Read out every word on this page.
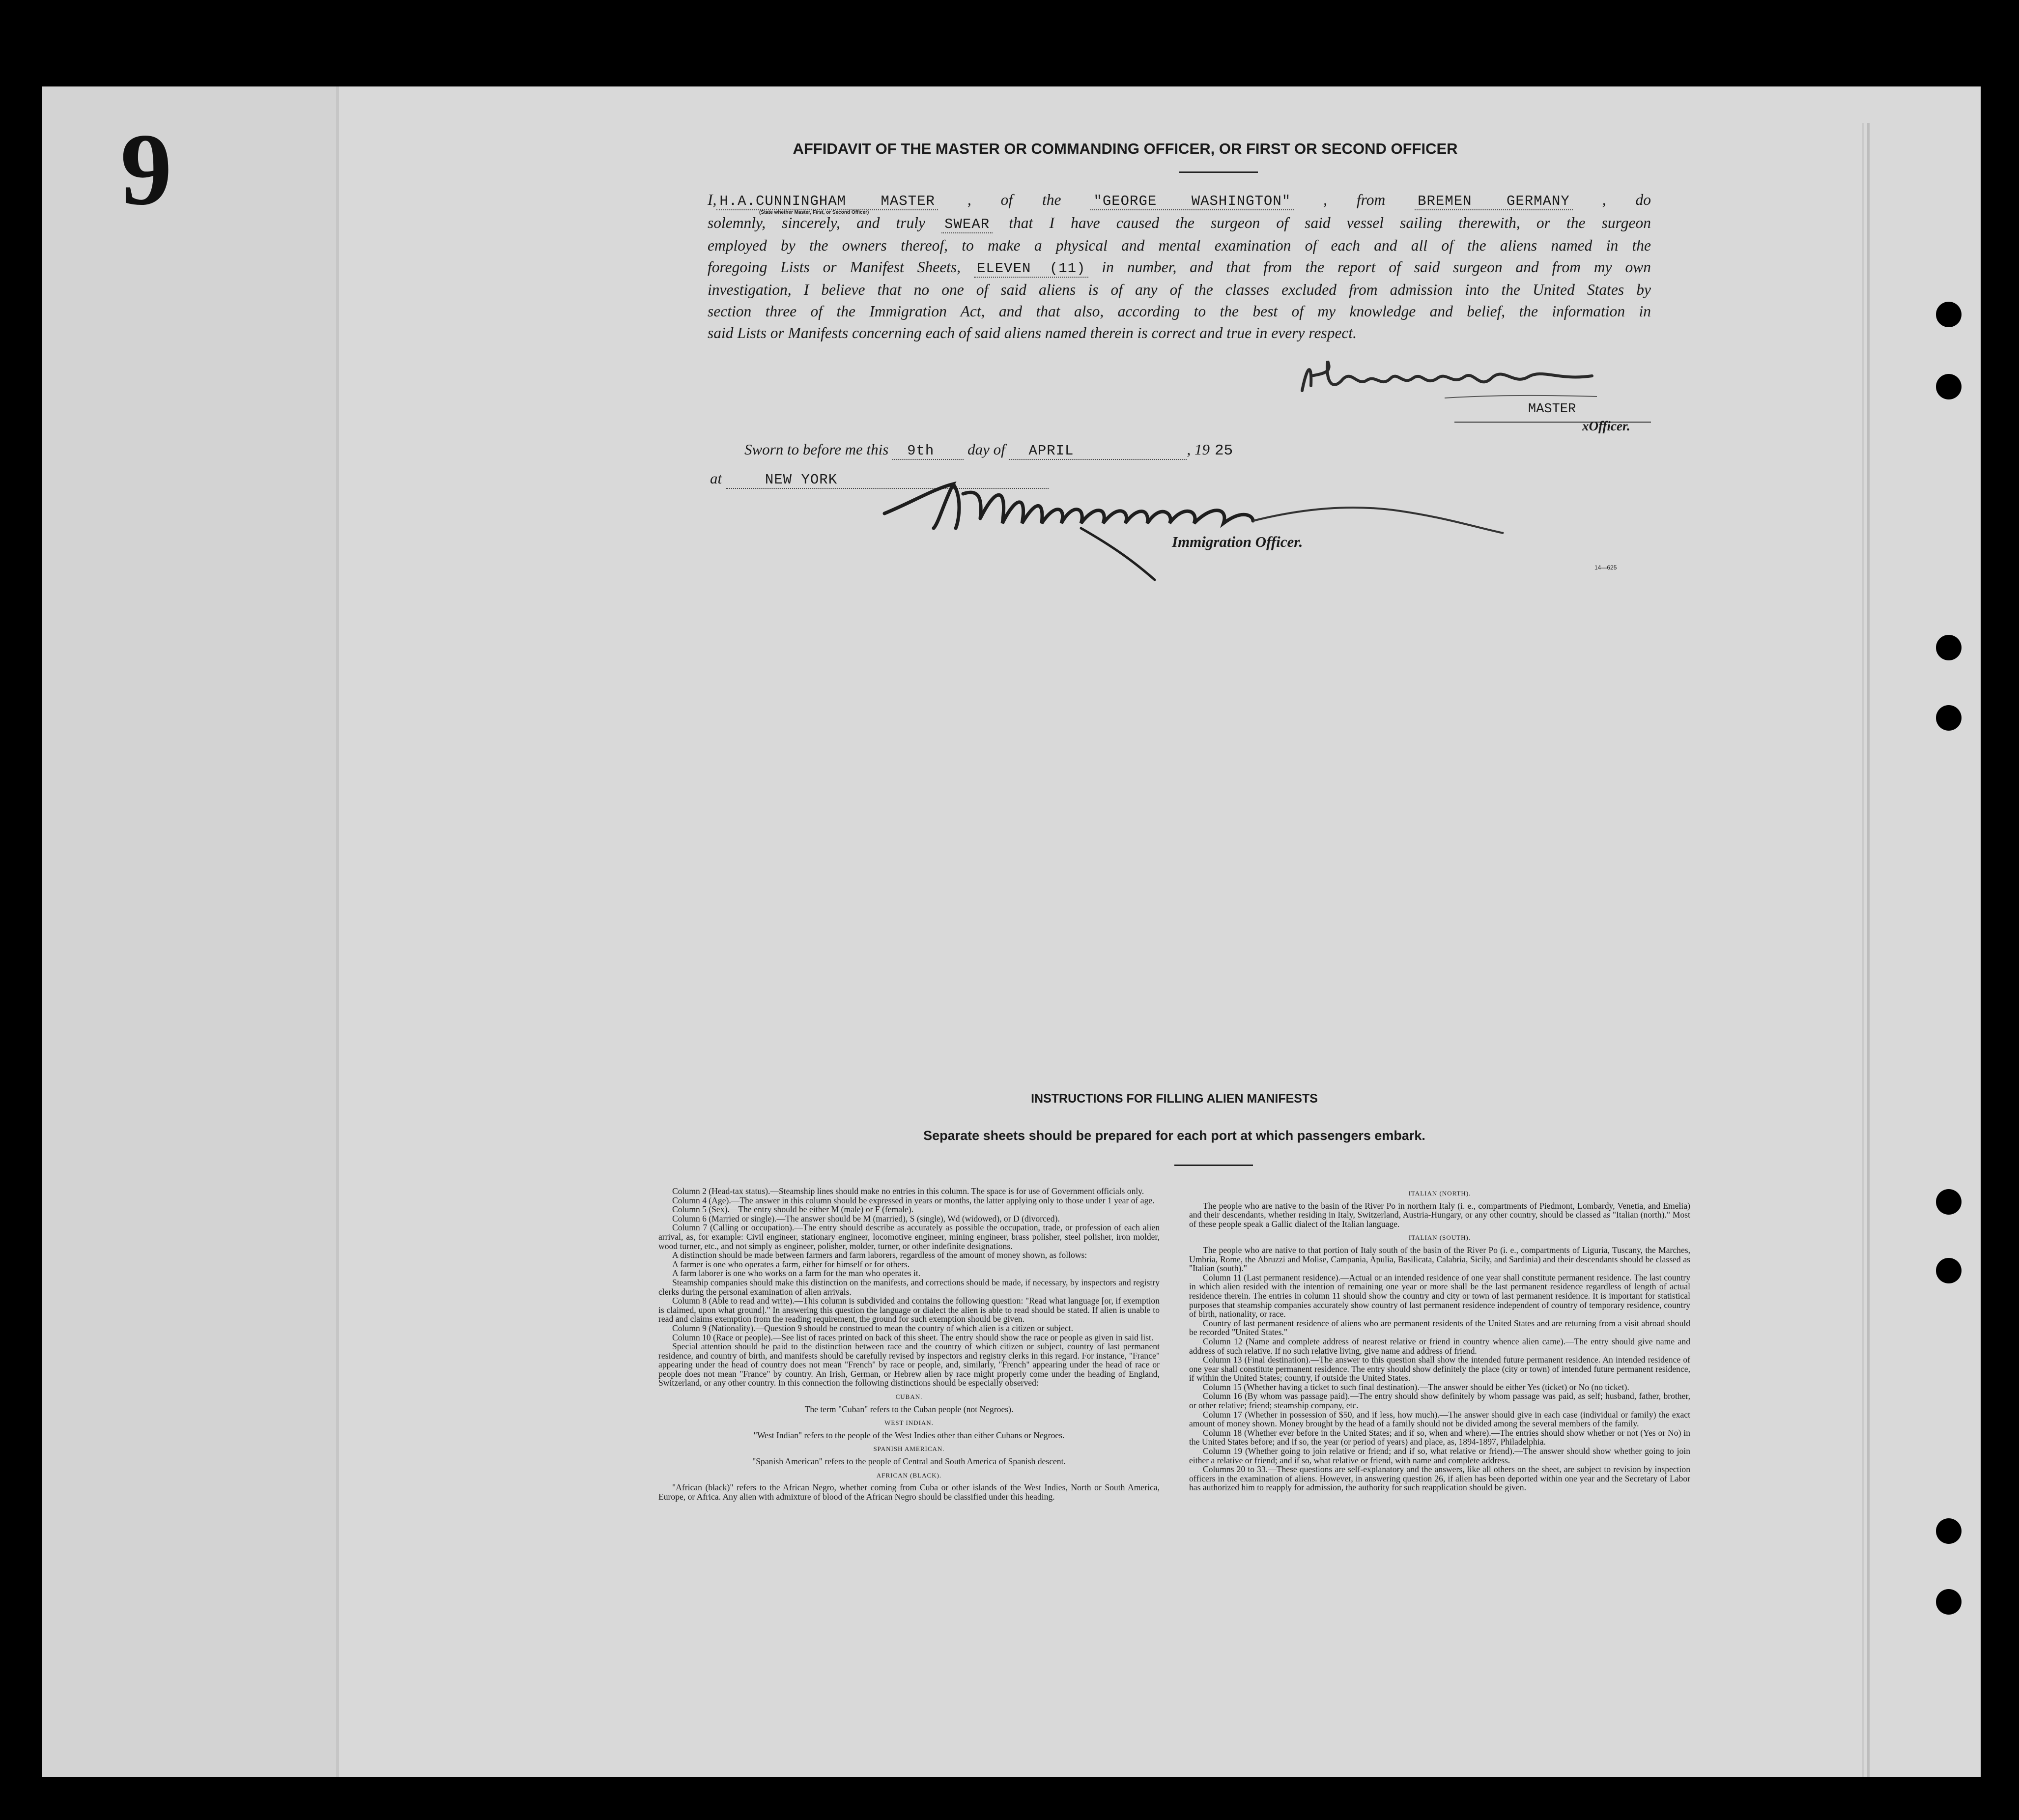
9	AFFIDAVIT OF THE MASTER OR COMMANDING OFFICER, OR FIRST OR SECOND OFFICER
I, H.A.CUNNINGHAM MASTER , of the "GEORGE WASHINGTON" , from BREMEN GERMANY , do
solemnly, sincerely, and truly SWEAR that I have caused the surgeon of said vessel sailing therewith, or the surgeon
employed by the owners thereof, to make a physical and mental examination of each and all of the aliens named in the
foregoing Lists or Manifest Sheets, ELEVEN (11) in number, and that from the report of said surgeon and from my own
investigation, I believe that no one of said aliens is of any of the classes excluded from admission into the United States by
section three of the Immigration Act, and that also, according to the best of my knowledge and belief, the information in
said Lists or Manifests concerning each of said aliens named therein is correct and true in every respect.
(State whether Master, First, or Second Officer)
MASTER
xOfficer.
Sworn to before me this 9th day of APRIL	, 19 25
at	NEW YORK
Immigration Officer.
14—625
INSTRUCTIONS FOR FILLING ALIEN MANIFESTS
Separate sheets should be prepared for each port at which passengers embark.

Column 2 (Head-tax status).—Steamship lines should make no entries in this column. The space is for use of Government officials only.

Column 4 (Age).—The answer in this column should be expressed in years or months, the latter applying only to those under 1 year of age.

Column 5 (Sex).—The entry should be either M (male) or F (female).

Column 6 (Married or single).—The answer should be M (married), S (single), Wd (widowed), or D (divorced).

Column 7 (Calling or occupation).—The entry should describe as accurately as possible the occupation, trade, or profession of each alien arrival, as, for example: Civil engineer, stationary engineer, locomotive engineer, mining engineer, brass polisher, steel polisher, iron molder, wood turner, etc., and not simply as engineer, polisher, molder, turner, or other indefinite designations.

A distinction should be made between farmers and farm laborers, regardless of the amount of money shown, as follows:

A farmer is one who operates a farm, either for himself or for others.

A farm laborer is one who works on a farm for the man who operates it.

Steamship companies should make this distinction on the manifests, and corrections should be made, if necessary, by inspectors and registry clerks during the personal examination of alien arrivals.

Column 8 (Able to read and write).—This column is subdivided and contains the following question: "Read what language [or, if exemption is claimed, upon what ground]." In answering this question the language or dialect the alien is able to read should be stated. If alien is unable to read and claims exemption from the reading requirement, the ground for such exemption should be given.

Column 9 (Nationality).—Question 9 should be construed to mean the country of which alien is a citizen or subject.

Column 10 (Race or people).—See list of races printed on back of this sheet. The entry should show the race or people as given in said list.

Special attention should be paid to the distinction between race and the country of which citizen or subject, country of last permanent residence, and country of birth, and manifests should be carefully revised by inspectors and registry clerks in this regard. For instance, "France" appearing under the head of country does not mean "French" by race or people, and, similarly, "French" appearing under the head of race or people does not mean "France" by country. An Irish, German, or Hebrew alien by race might properly come under the heading of England, Switzerland, or any other country. In this connection the following distinctions should be especially observed:

CUBAN.

The term "Cuban" refers to the Cuban people (not Negroes).

WEST INDIAN.

"West Indian" refers to the people of the West Indies other than either Cubans or Negroes.

SPANISH AMERICAN.

"Spanish American" refers to the people of Central and South America of Spanish descent.

AFRICAN (BLACK).

"African (black)" refers to the African Negro, whether coming from Cuba or other islands of the West Indies, North or South America, Europe, or Africa. Any alien with admixture of blood of the African Negro should be classified under this heading.

ITALIAN (NORTH).

The people who are native to the basin of the River Po in northern Italy (i. e., compartments of Piedmont, Lombardy, Venetia, and Emelia) and their descendants, whether residing in Italy, Switzerland, Austria-Hungary, or any other country, should be classed as "Italian (north)." Most of these people speak a Gallic dialect of the Italian language.

ITALIAN (SOUTH).

The people who are native to that portion of Italy south of the basin of the River Po (i. e., compartments of Liguria, Tuscany, the Marches, Umbria, Rome, the Abruzzi and Molise, Campania, Apulia, Basilicata, Calabria, Sicily, and Sardinia) and their descendants should be classed as "Italian (south)."

Column 11 (Last permanent residence).—Actual or an intended residence of one year shall constitute permanent residence. The last country in which alien resided with the intention of remaining one year or more shall be the last permanent residence regardless of length of actual residence therein. The entries in column 11 should show the country and city or town of last permanent residence. It is important for statistical purposes that steamship companies accurately show country of last permanent residence independent of country of temporary residence, country of birth, nationality, or race.

Country of last permanent residence of aliens who are permanent residents of the United States and are returning from a visit abroad should be recorded "United States."

Column 12 (Name and complete address of nearest relative or friend in country whence alien came).—The entry should give name and address of such relative. If no such relative living, give name and address of friend.

Column 13 (Final destination).—The answer to this question shall show the intended future permanent residence. An intended residence of one year shall constitute permanent residence. The entry should show definitely the place (city or town) of intended future permanent residence, if within the United States; country, if outside the United States.

Column 15 (Whether having a ticket to such final destination).—The answer should be either Yes (ticket) or No (no ticket).

Column 16 (By whom was passage paid).—The entry should show definitely by whom passage was paid, as self; husband, father, brother, or other relative; friend; steamship company, etc.

Column 17 (Whether in possession of $50, and if less, how much).—The answer should give in each case (individual or family) the exact amount of money shown. Money brought by the head of a family should not be divided among the several members of the family.

Column 18 (Whether ever before in the United States; and if so, when and where).—The entries should show whether or not (Yes or No) in the United States before; and if so, the year (or period of years) and place, as, 1894-1897, Philadelphia.

Column 19 (Whether going to join relative or friend; and if so, what relative or friend).—The answer should show whether going to join either a relative or friend; and if so, what relative or friend, with name and complete address.

Columns 20 to 33.—These questions are self-explanatory and the answers, like all others on the sheet, are subject to revision by inspection officers in the examination of aliens. However, in answering question 26, if alien has been deported within one year and the Secretary of Labor has authorized him to reapply for admission, the authority for such reapplication should be given.
